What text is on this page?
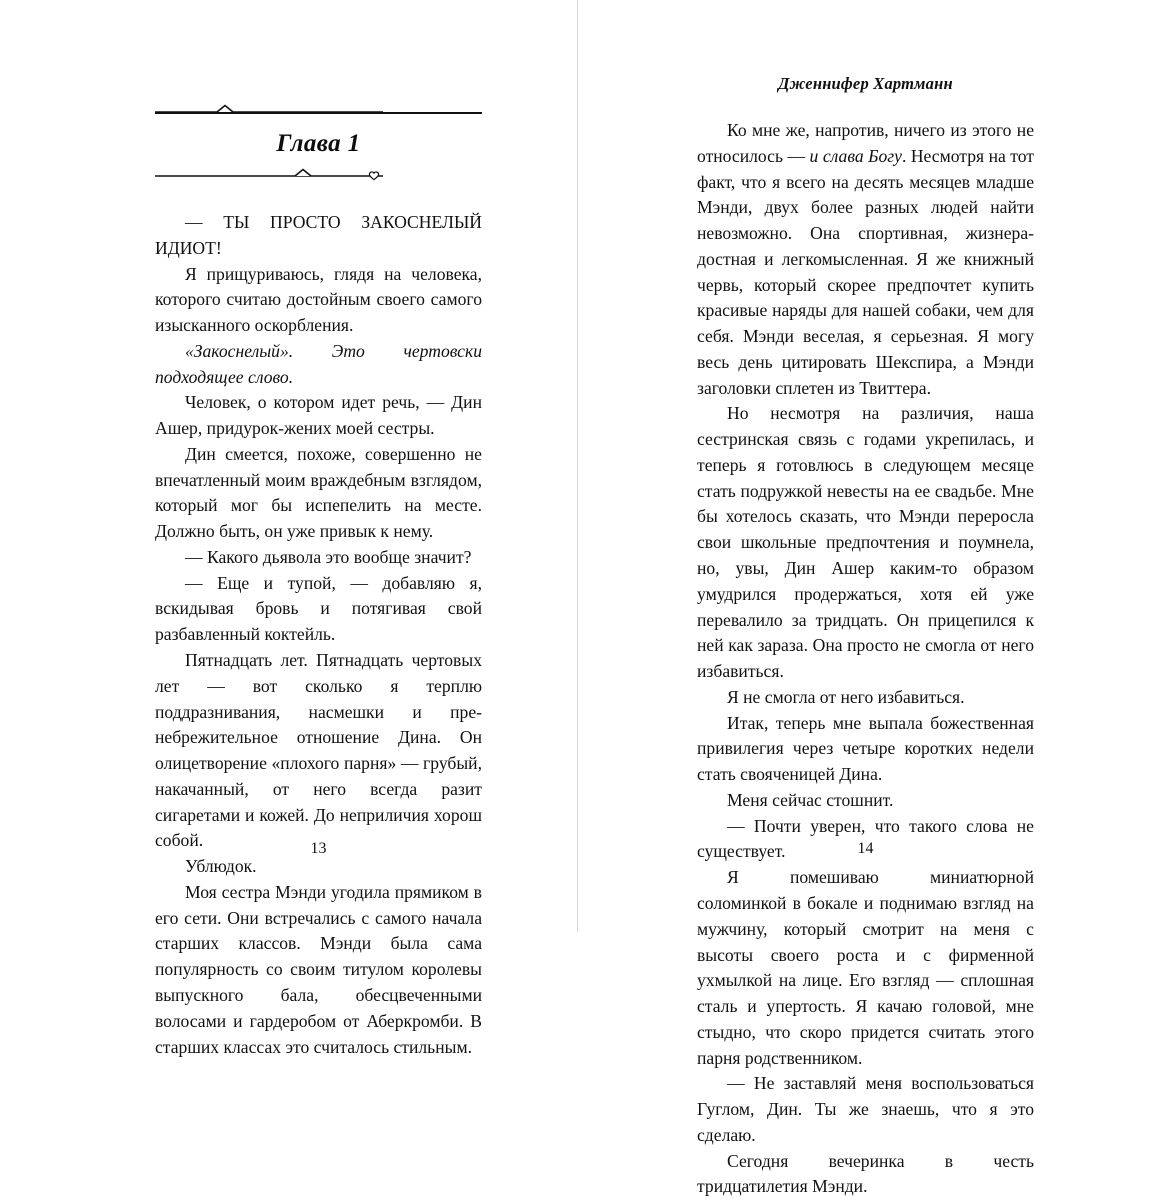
Глава 1

— ТЫ ПРОСТО ЗАКОСНЕЛЫЙ ИДИОТ!

Я прищуриваюсь, глядя на человека, которого считаю достойным своего самого изысканного оскорбления.

«Закоснелый». Это чертовски подходящее слово.

Человек, о котором идет речь, — Дин Ашер, придурок-жених моей сестры.

Дин смеется, похоже, совершенно не впечатленный моим враждебным взглядом, который мог бы испепелить на месте. Должно быть, он уже привык к нему.

— Какого дьявола это вообще значит?

— Еще и тупой, — добавляю я, вскидывая бровь и потягивая свой разбавленный коктейль.

Пятнадцать лет. Пятнадцать чертовых лет — вот сколько я терплю поддразнивания, насмешки и пренебрежительное отношение Дина. Он олицетворение «плохого парня» — грубый, накачанный, от него всегда разит сигаретами и кожей. До неприличия хорош собой.

Ублюдок.

Моя сестра Мэнди угодила прямиком в его сети. Они встречались с самого начала старших классов. Мэнди была сама популярность со своим титулом королевы выпускного бала, обесцвеченными волосами и гардеробом от Аберкромби. В старших классах это считалось стильным.

13
Дженнифер Хартманн

Ко мне же, напротив, ничего из этого не относилось — и слава Богу. Несмотря на тот факт, что я всего на десять месяцев младше Мэнди, двух более разных людей найти невозможно. Она спортивная, жизнерадостная и легкомысленная. Я же книжный червь, который скорее предпочтет купить красивые наряды для нашей собаки, чем для себя. Мэнди веселая, я серьезная. Я могу весь день цитировать Шекспира, а Мэнди заголовки сплетен из Твиттера.

Но несмотря на различия, наша сестринская связь с годами укрепилась, и теперь я готовлюсь в следующем месяце стать подружкой невесты на ее свадьбе. Мне бы хотелось сказать, что Мэнди переросла свои школьные предпочтения и поумнела, но, увы, Дин Ашер каким-то образом умудрился продержаться, хотя ей уже перевалило за тридцать. Он прицепился к ней как зараза. Она просто не смогла от него избавиться.

Я не смогла от него избавиться.

Итак, теперь мне выпала божественная привилегия через четыре коротких недели стать свояченицей Дина.

Меня сейчас стошнит.

— Почти уверен, что такого слова не существует.

Я помешиваю миниатюрной соломинкой в бокале и поднимаю взгляд на мужчину, который смотрит на меня с высоты своего роста и с фирменной ухмылкой на лице. Его взгляд — сплошная сталь и упертость. Я качаю головой, мне стыдно, что скоро придется считать этого парня родственником.

— Не заставляй меня воспользоваться Гуглом, Дин. Ты же знаешь, что я это сделаю.

Сегодня вечеринка в честь тридцатилетия Мэнди.

14
